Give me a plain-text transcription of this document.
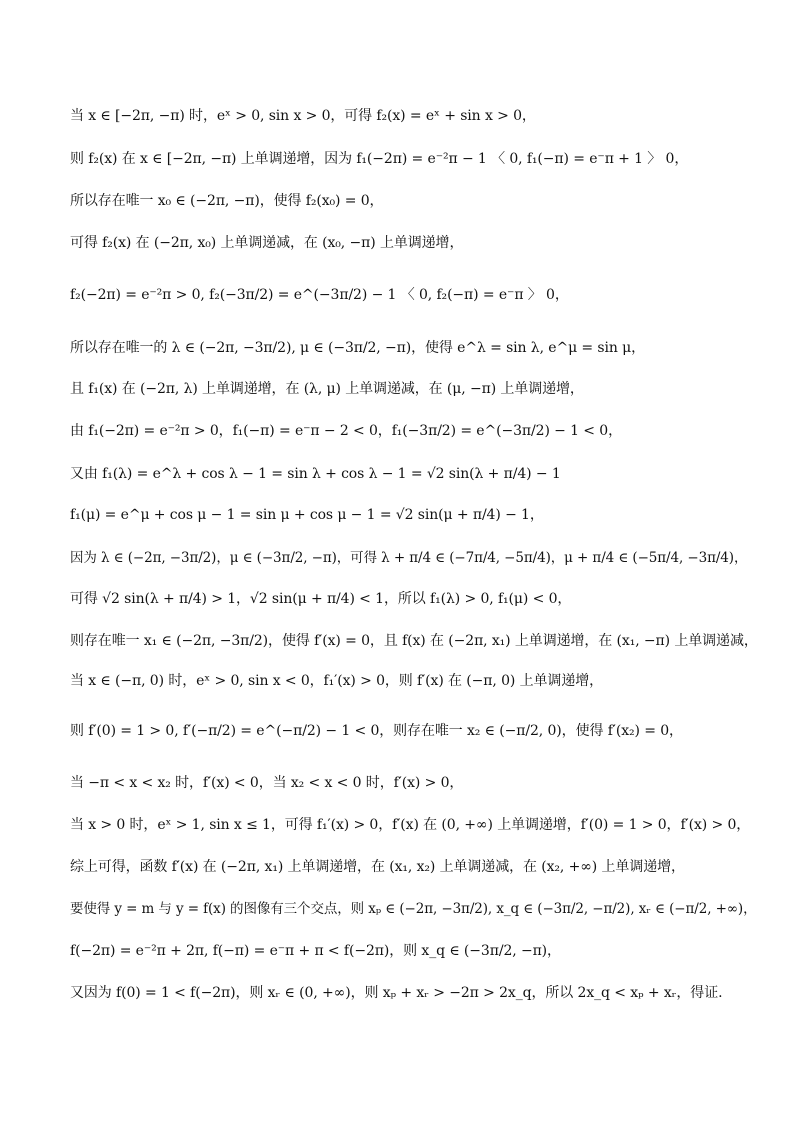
当 x ∈ [−2π, −π) 时，eˣ > 0, sin x > 0，可得 f₂(x) = eˣ + sin x > 0，
则 f₂(x) 在 x ∈ [−2π, −π) 上单调递增，因为 f₁(−2π) = e⁻²π − 1 〈 0, f₁(−π) = e⁻π + 1 〉 0，
所以存在唯一 x₀ ∈ (−2π, −π)，使得 f₂(x₀) = 0，
可得 f₂(x) 在 (−2π, x₀) 上单调递减，在 (x₀, −π) 上单调递增，
f₂(−2π) = e⁻²π > 0, f₂(−3π/2) = e^(−3π/2) − 1 〈 0, f₂(−π) = e⁻π 〉 0，
所以存在唯一的 λ ∈ (−2π, −3π/2), μ ∈ (−3π/2, −π)，使得 e^λ = sin λ, e^μ = sin μ，
且 f₁(x) 在 (−2π, λ) 上单调递增，在 (λ, μ) 上单调递减，在 (μ, −π) 上单调递增，
由 f₁(−2π) = e⁻²π > 0，f₁(−π) = e⁻π − 2 < 0，f₁(−3π/2) = e^(−3π/2) − 1 < 0，
又由 f₁(λ) = e^λ + cos λ − 1 = sin λ + cos λ − 1 = √2 sin(λ + π/4) − 1
f₁(μ) = e^μ + cos μ − 1 = sin μ + cos μ − 1 = √2 sin(μ + π/4) − 1，
因为 λ ∈ (−2π, −3π/2)，μ ∈ (−3π/2, −π)，可得 λ + π/4 ∈ (−7π/4, −5π/4)，μ + π/4 ∈ (−5π/4, −3π/4)，
可得 √2 sin(λ + π/4) > 1，√2 sin(μ + π/4) < 1，所以 f₁(λ) > 0, f₁(μ) < 0，
则存在唯一 x₁ ∈ (−2π, −3π/2)，使得 f′(x) = 0，且 f(x) 在 (−2π, x₁) 上单调递增，在 (x₁, −π) 上单调递减，
当 x ∈ (−π, 0) 时，eˣ > 0, sin x < 0，f₁′(x) > 0，则 f′(x) 在 (−π, 0) 上单调递增，
则 f′(0) = 1 > 0, f′(−π/2) = e^(−π/2) − 1 < 0，则存在唯一 x₂ ∈ (−π/2, 0)，使得 f′(x₂) = 0，
当 −π < x < x₂ 时，f′(x) < 0，当 x₂ < x < 0 时，f′(x) > 0，
当 x > 0 时，eˣ > 1, sin x ≤ 1，可得 f₁′(x) > 0，f′(x) 在 (0, +∞) 上单调递增，f′(0) = 1 > 0，f′(x) > 0，
综上可得，函数 f′(x) 在 (−2π, x₁) 上单调递增，在 (x₁, x₂) 上单调递减，在 (x₂, +∞) 上单调递增，
要使得 y = m 与 y = f(x) 的图像有三个交点，则 xₚ ∈ (−2π, −3π/2), x_q ∈ (−3π/2, −π/2), xᵣ ∈ (−π/2, +∞)，
f(−2π) = e⁻²π + 2π, f(−π) = e⁻π + π < f(−2π)，则 x_q ∈ (−3π/2, −π)，
又因为 f(0) = 1 < f(−2π)，则 xᵣ ∈ (0, +∞)，则 xₚ + xᵣ > −2π > 2x_q，所以 2x_q < xₚ + xᵣ，得证.
